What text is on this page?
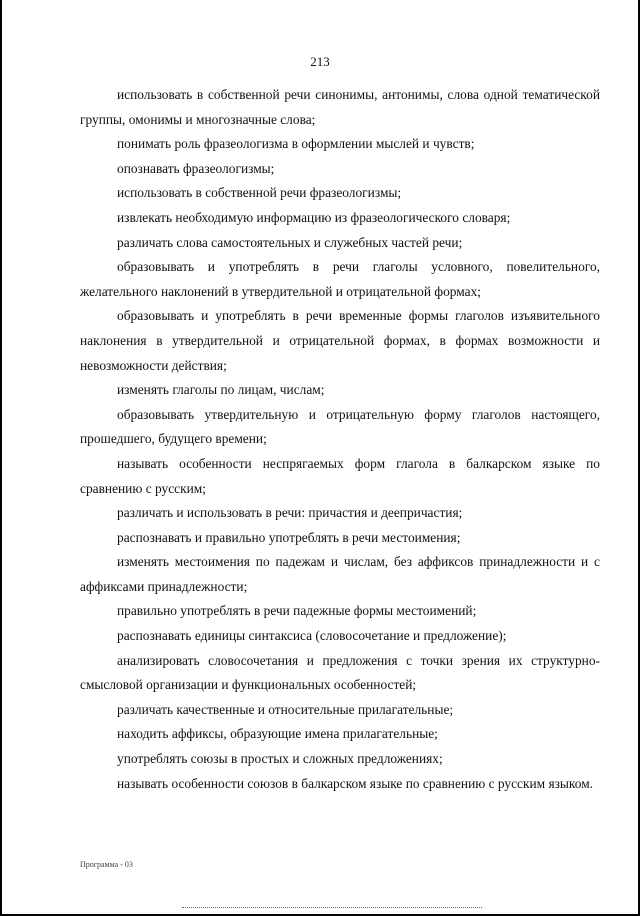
213

использовать в собственной речи синонимы, антонимы, слова одной тематической группы, омонимы и многозначные слова;

понимать роль фразеологизма в оформлении мыслей и чувств;

опознавать фразеологизмы;

использовать в собственной речи фразеологизмы;

извлекать необходимую информацию из фразеологического словаря;

различать слова самостоятельных и служебных частей речи;

образовывать и употреблять в речи глаголы условного, повелительного, желательного наклонений в утвердительной и отрицательной формах;

образовывать и употреблять в речи временные формы глаголов изъявительного наклонения в утвердительной и отрицательной формах, в формах возможности и невозможности действия;

изменять глаголы по лицам, числам;

образовывать утвердительную и отрицательную форму глаголов настоящего, прошедшего, будущего времени;

называть особенности неспрягаемых форм глагола в балкарском языке по сравнению с русским;

различать и использовать в речи: причастия и деепричастия;

распознавать и правильно употреблять в речи местоимения;

изменять местоимения по падежам и числам, без аффиксов принадлежности и с аффиксами принадлежности;

правильно употреблять в речи падежные формы местоимений;

распознавать единицы синтаксиса (словосочетание и предложение);

анализировать словосочетания и предложения с точки зрения их структурно-смысловой организации и функциональных особенностей;

различать качественные и относительные прилагательные;

находить аффиксы, образующие имена прилагательные;

употреблять союзы в простых и сложных предложениях;

называть особенности союзов в балкарском языке по сравнению с русским языком.

Программа - 03
